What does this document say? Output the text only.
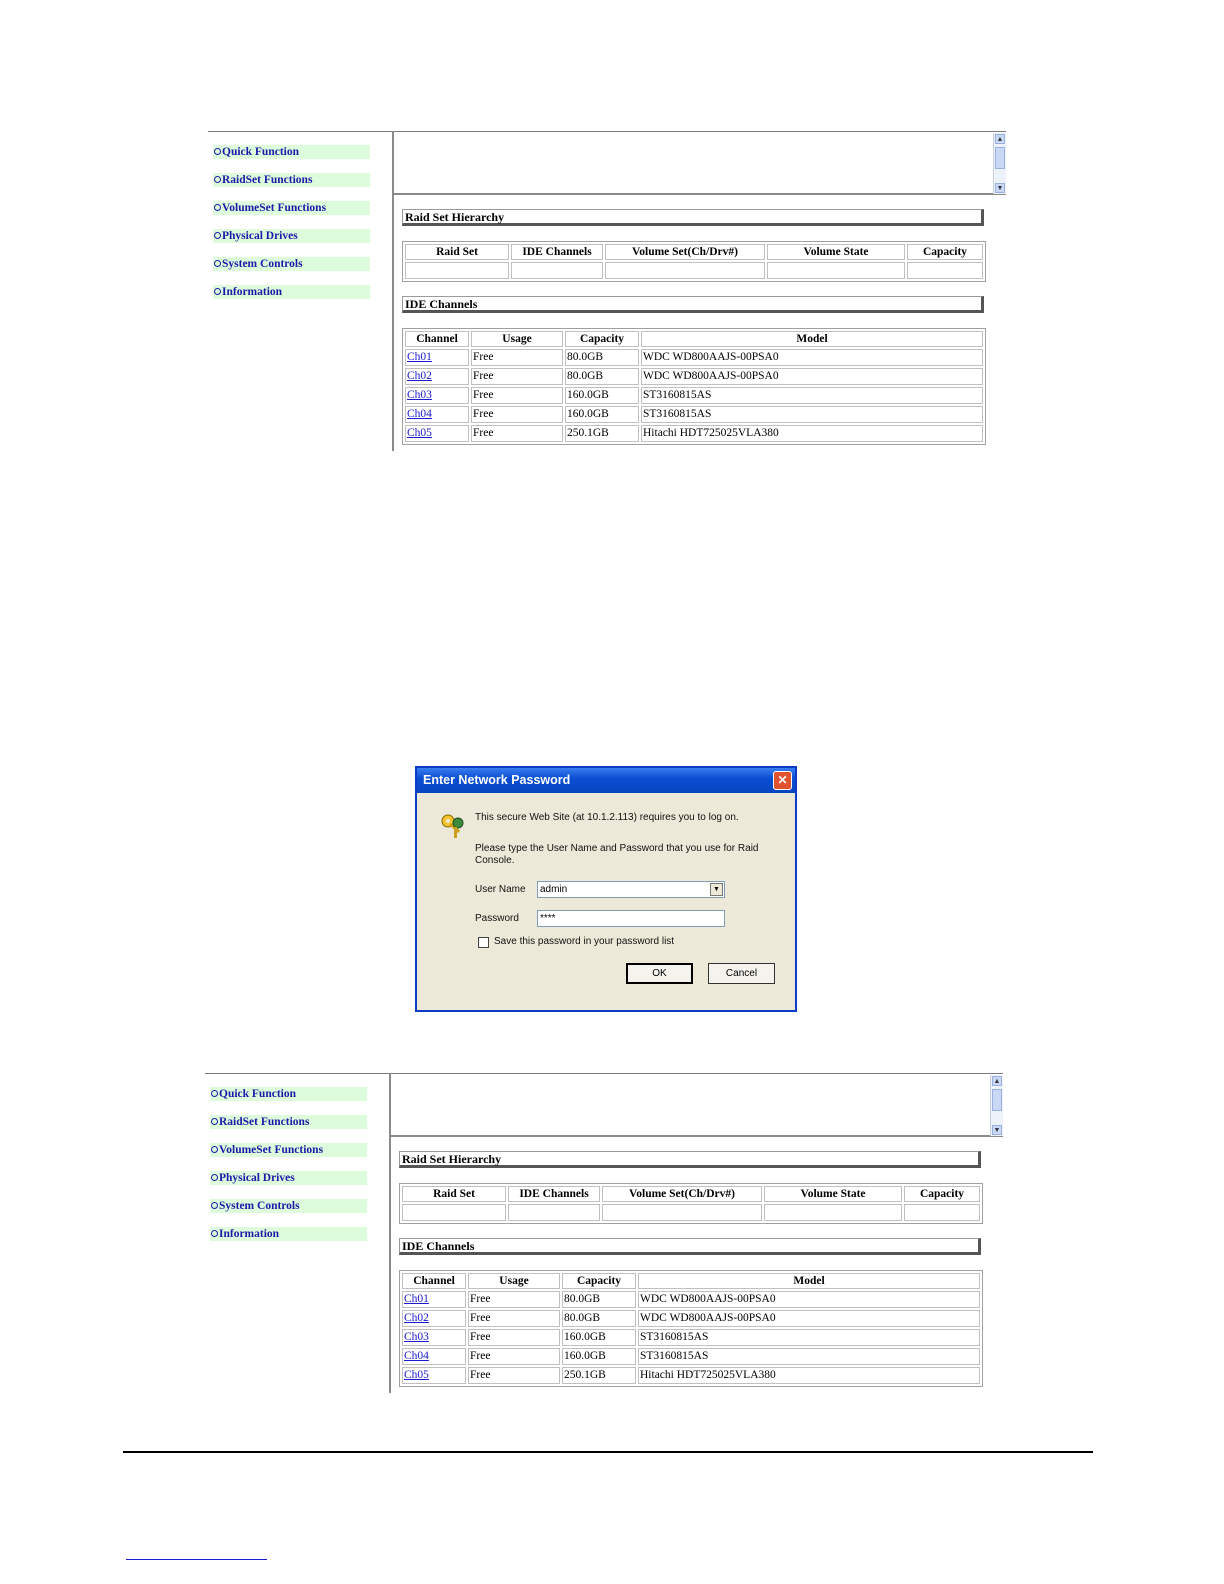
Quick Function
RaidSet Functions
VolumeSet Functions
Physical Drives
System Controls
Information
▲
▼
Raid Set Hierarchy
Raid Set	IDE Channels	Volume Set(Ch/Drv#)	Volume State	Capacity

IDE Channels
Channel	Usage	Capacity	Model
Ch01	Free	80.0GB	WDC WD800AAJS-00PSA0
Ch02	Free	80.0GB	WDC WD800AAJS-00PSA0
Ch03	Free	160.0GB	ST3160815AS
Ch04	Free	160.0GB	ST3160815AS
Ch05	Free	250.1GB	Hitachi HDT725025VLA380
Enter Network Password	✕
This secure Web Site (at 10.1.2.113) requires you to log on.
Please type the User Name and Password that you use for Raid
Console.
User Name	admin	▼
Password	****
Save this password in your password list
OK	Cancel
Quick Function
RaidSet Functions
VolumeSet Functions
Physical Drives
System Controls
Information
▲
▼
Raid Set Hierarchy
Raid Set	IDE Channels	Volume Set(Ch/Drv#)	Volume State	Capacity

IDE Channels
Channel	Usage	Capacity	Model
Ch01	Free	80.0GB	WDC WD800AAJS-00PSA0
Ch02	Free	80.0GB	WDC WD800AAJS-00PSA0
Ch03	Free	160.0GB	ST3160815AS
Ch04	Free	160.0GB	ST3160815AS
Ch05	Free	250.1GB	Hitachi HDT725025VLA380
